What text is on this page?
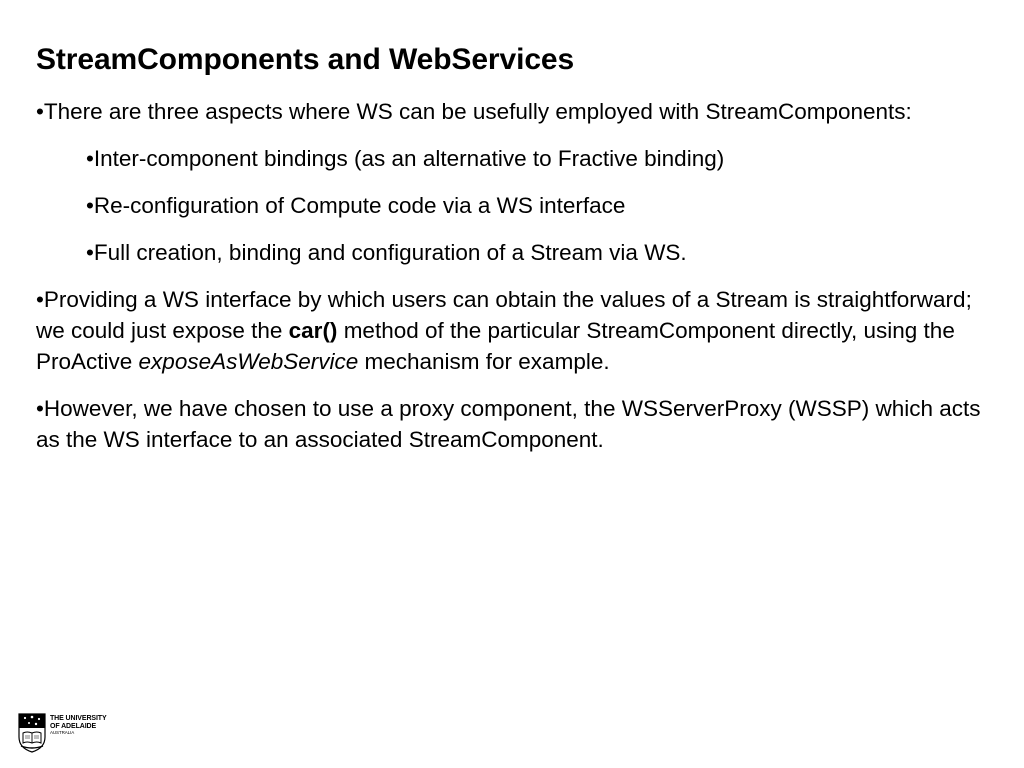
StreamComponents and WebServices

•There are three aspects where WS can be usefully employed with StreamComponents:

•Inter-component bindings (as an alternative to Fractive binding)

•Re-configuration of Compute code via a WS interface

•Full creation, binding and configuration of a Stream via WS.

•Providing a WS interface by which users can obtain the values of a Stream is straightforward; we could just expose the car() method of the particular StreamComponent directly, using the ProActive exposeAsWebService mechanism for example.

•However, we have chosen to use a proxy component, the WSServerProxy (WSSP) which acts as the WS interface to an associated StreamComponent.

THE UNIVERSITY
OF ADELAIDE
AUSTRALIA
